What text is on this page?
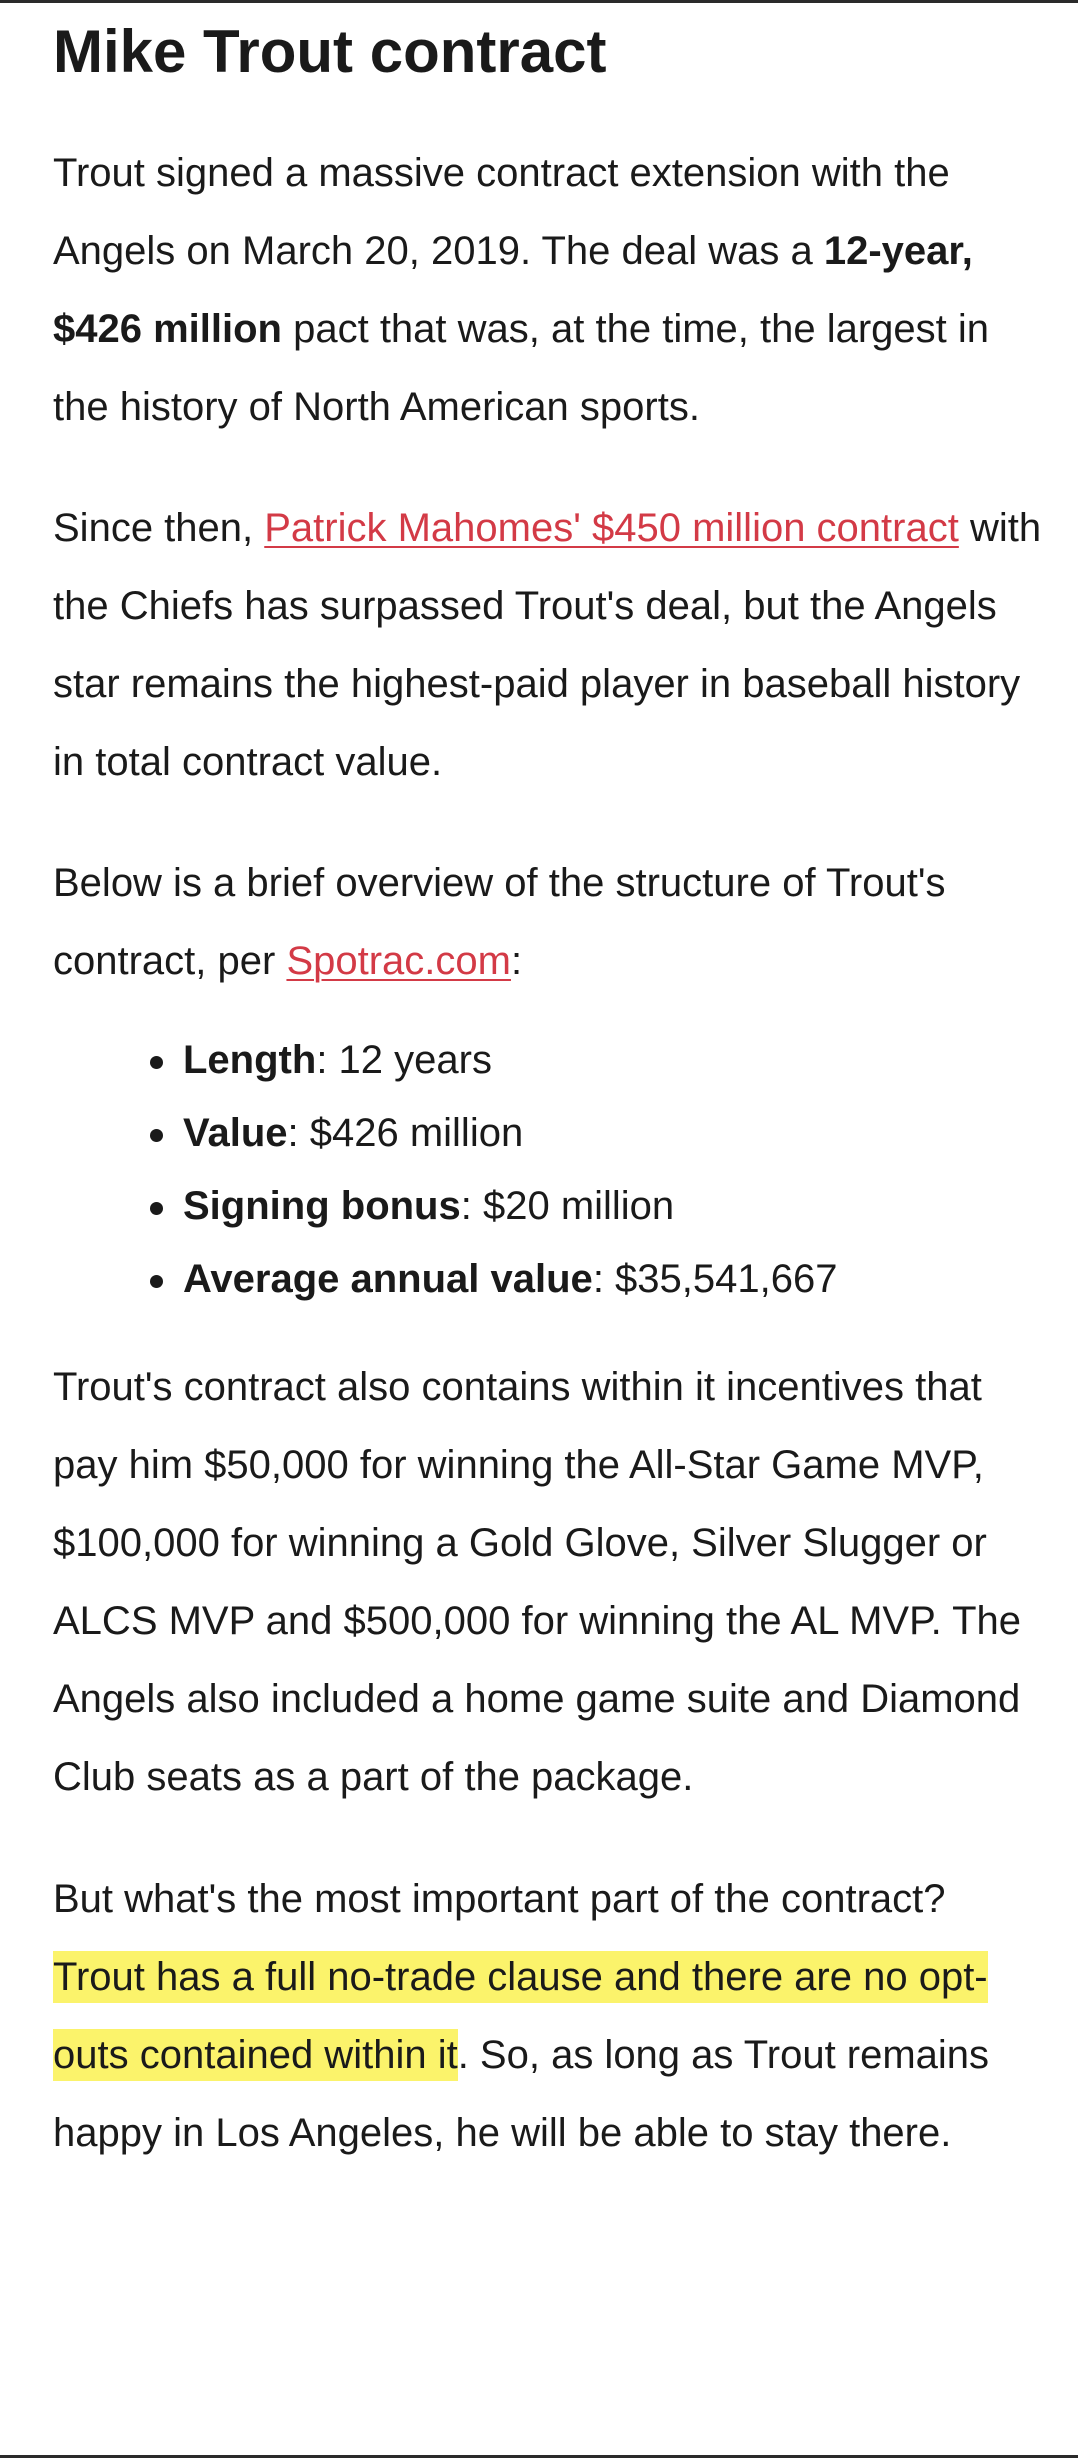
Mike Trout contract

Trout signed a massive contract extension with the Angels on March 20, 2019. The deal was a 12-year, $426 million pact that was, at the time, the largest in the history of North American sports.

Since then, Patrick Mahomes' $450 million contract with the Chiefs has surpassed Trout's deal, but the Angels star remains the highest-paid player in baseball history in total contract value.

Below is a brief overview of the structure of Trout's contract, per Spotrac.com:

Length: 12 years
Value: $426 million
Signing bonus: $20 million
Average annual value: $35,541,667

Trout's contract also contains within it incentives that pay him $50,000 for winning the All-Star Game MVP, $100,000 for winning a Gold Glove, Silver Slugger or ALCS MVP and $500,000 for winning the AL MVP. The Angels also included a home game suite and Diamond Club seats as a part of the package.

But what's the most important part of the contract? Trout has a full no-trade clause and there are no opt-outs contained within it. So, as long as Trout remains happy in Los Angeles, he will be able to stay there.
